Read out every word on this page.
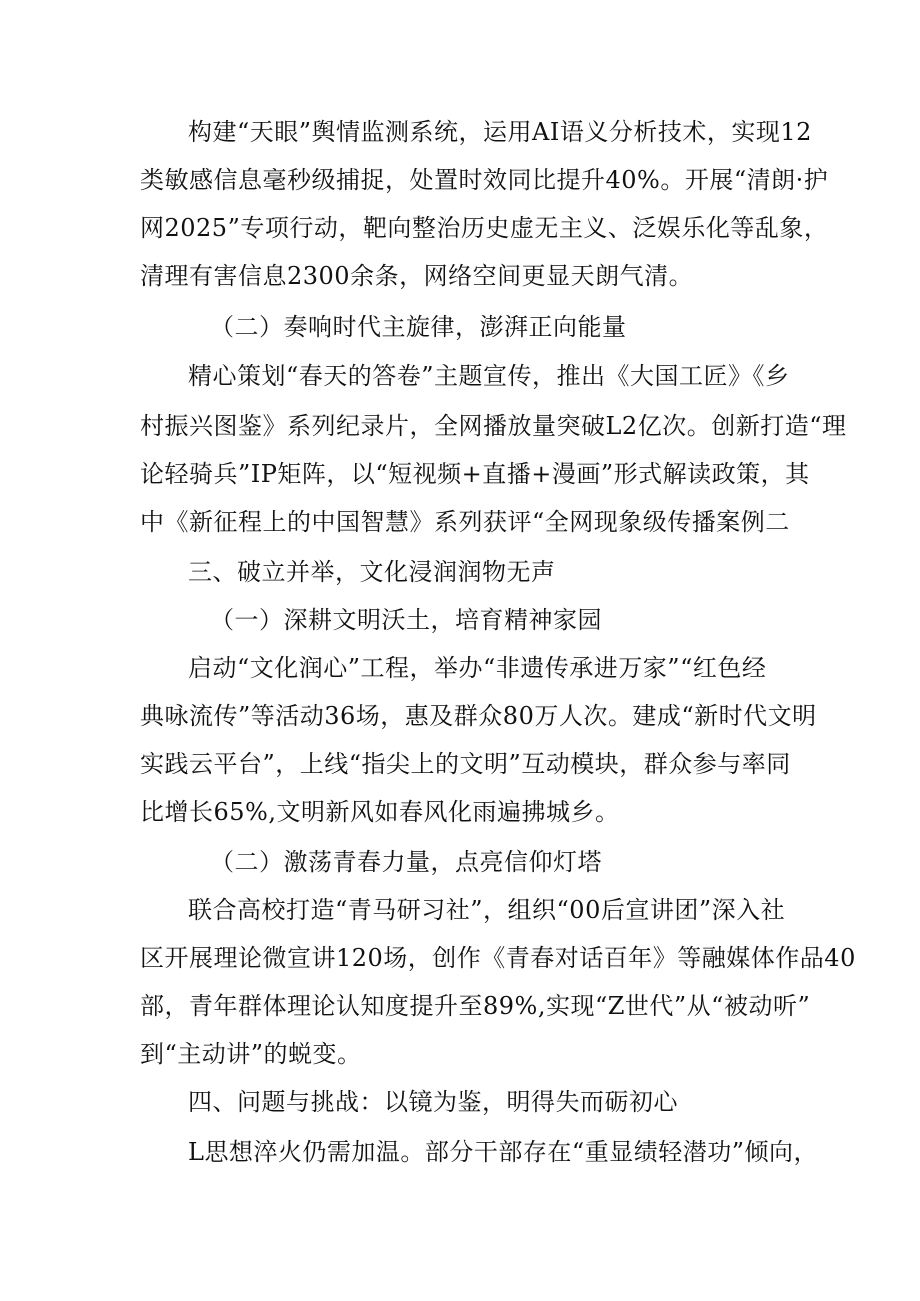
构建“天眼”舆情监测系统，运用AI语义分析技术，实现12
类敏感信息毫秒级捕捉，处置时效同比提升40%。开展“清朗·护
网2025”专项行动，靶向整治历史虚无主义、泛娱乐化等乱象，
清理有害信息2300余条，网络空间更显天朗气清。
（二）奏响时代主旋律，澎湃正向能量
精心策划“春天的答卷”主题宣传，推出《大国工匠》《乡
村振兴图鉴》系列纪录片，全网播放量突破L2亿次。创新打造“理
论轻骑兵”IP矩阵，以“短视频+直播+漫画”形式解读政策，其
中《新征程上的中国智慧》系列获评“全网现象级传播案例二
三、破立并举，文化浸润润物无声
（一）深耕文明沃土，培育精神家园
启动“文化润心”工程，举办“非遗传承进万家”“红色经
典咏流传”等活动36场，惠及群众80万人次。建成“新时代文明
实践云平台”，上线“指尖上的文明”互动模块，群众参与率同
比增长65%,文明新风如春风化雨遍拂城乡。
（二）激荡青春力量，点亮信仰灯塔
联合高校打造“青马研习社”，组织“00后宣讲团”深入社
区开展理论微宣讲120场，创作《青春对话百年》等融媒体作品40
部，青年群体理论认知度提升至89%,实现“Z世代”从“被动听”
到“主动讲”的蜕变。
四、问题与挑战：以镜为鉴，明得失而砺初心
L思想淬火仍需加温。部分干部存在“重显绩轻潜功”倾向，
